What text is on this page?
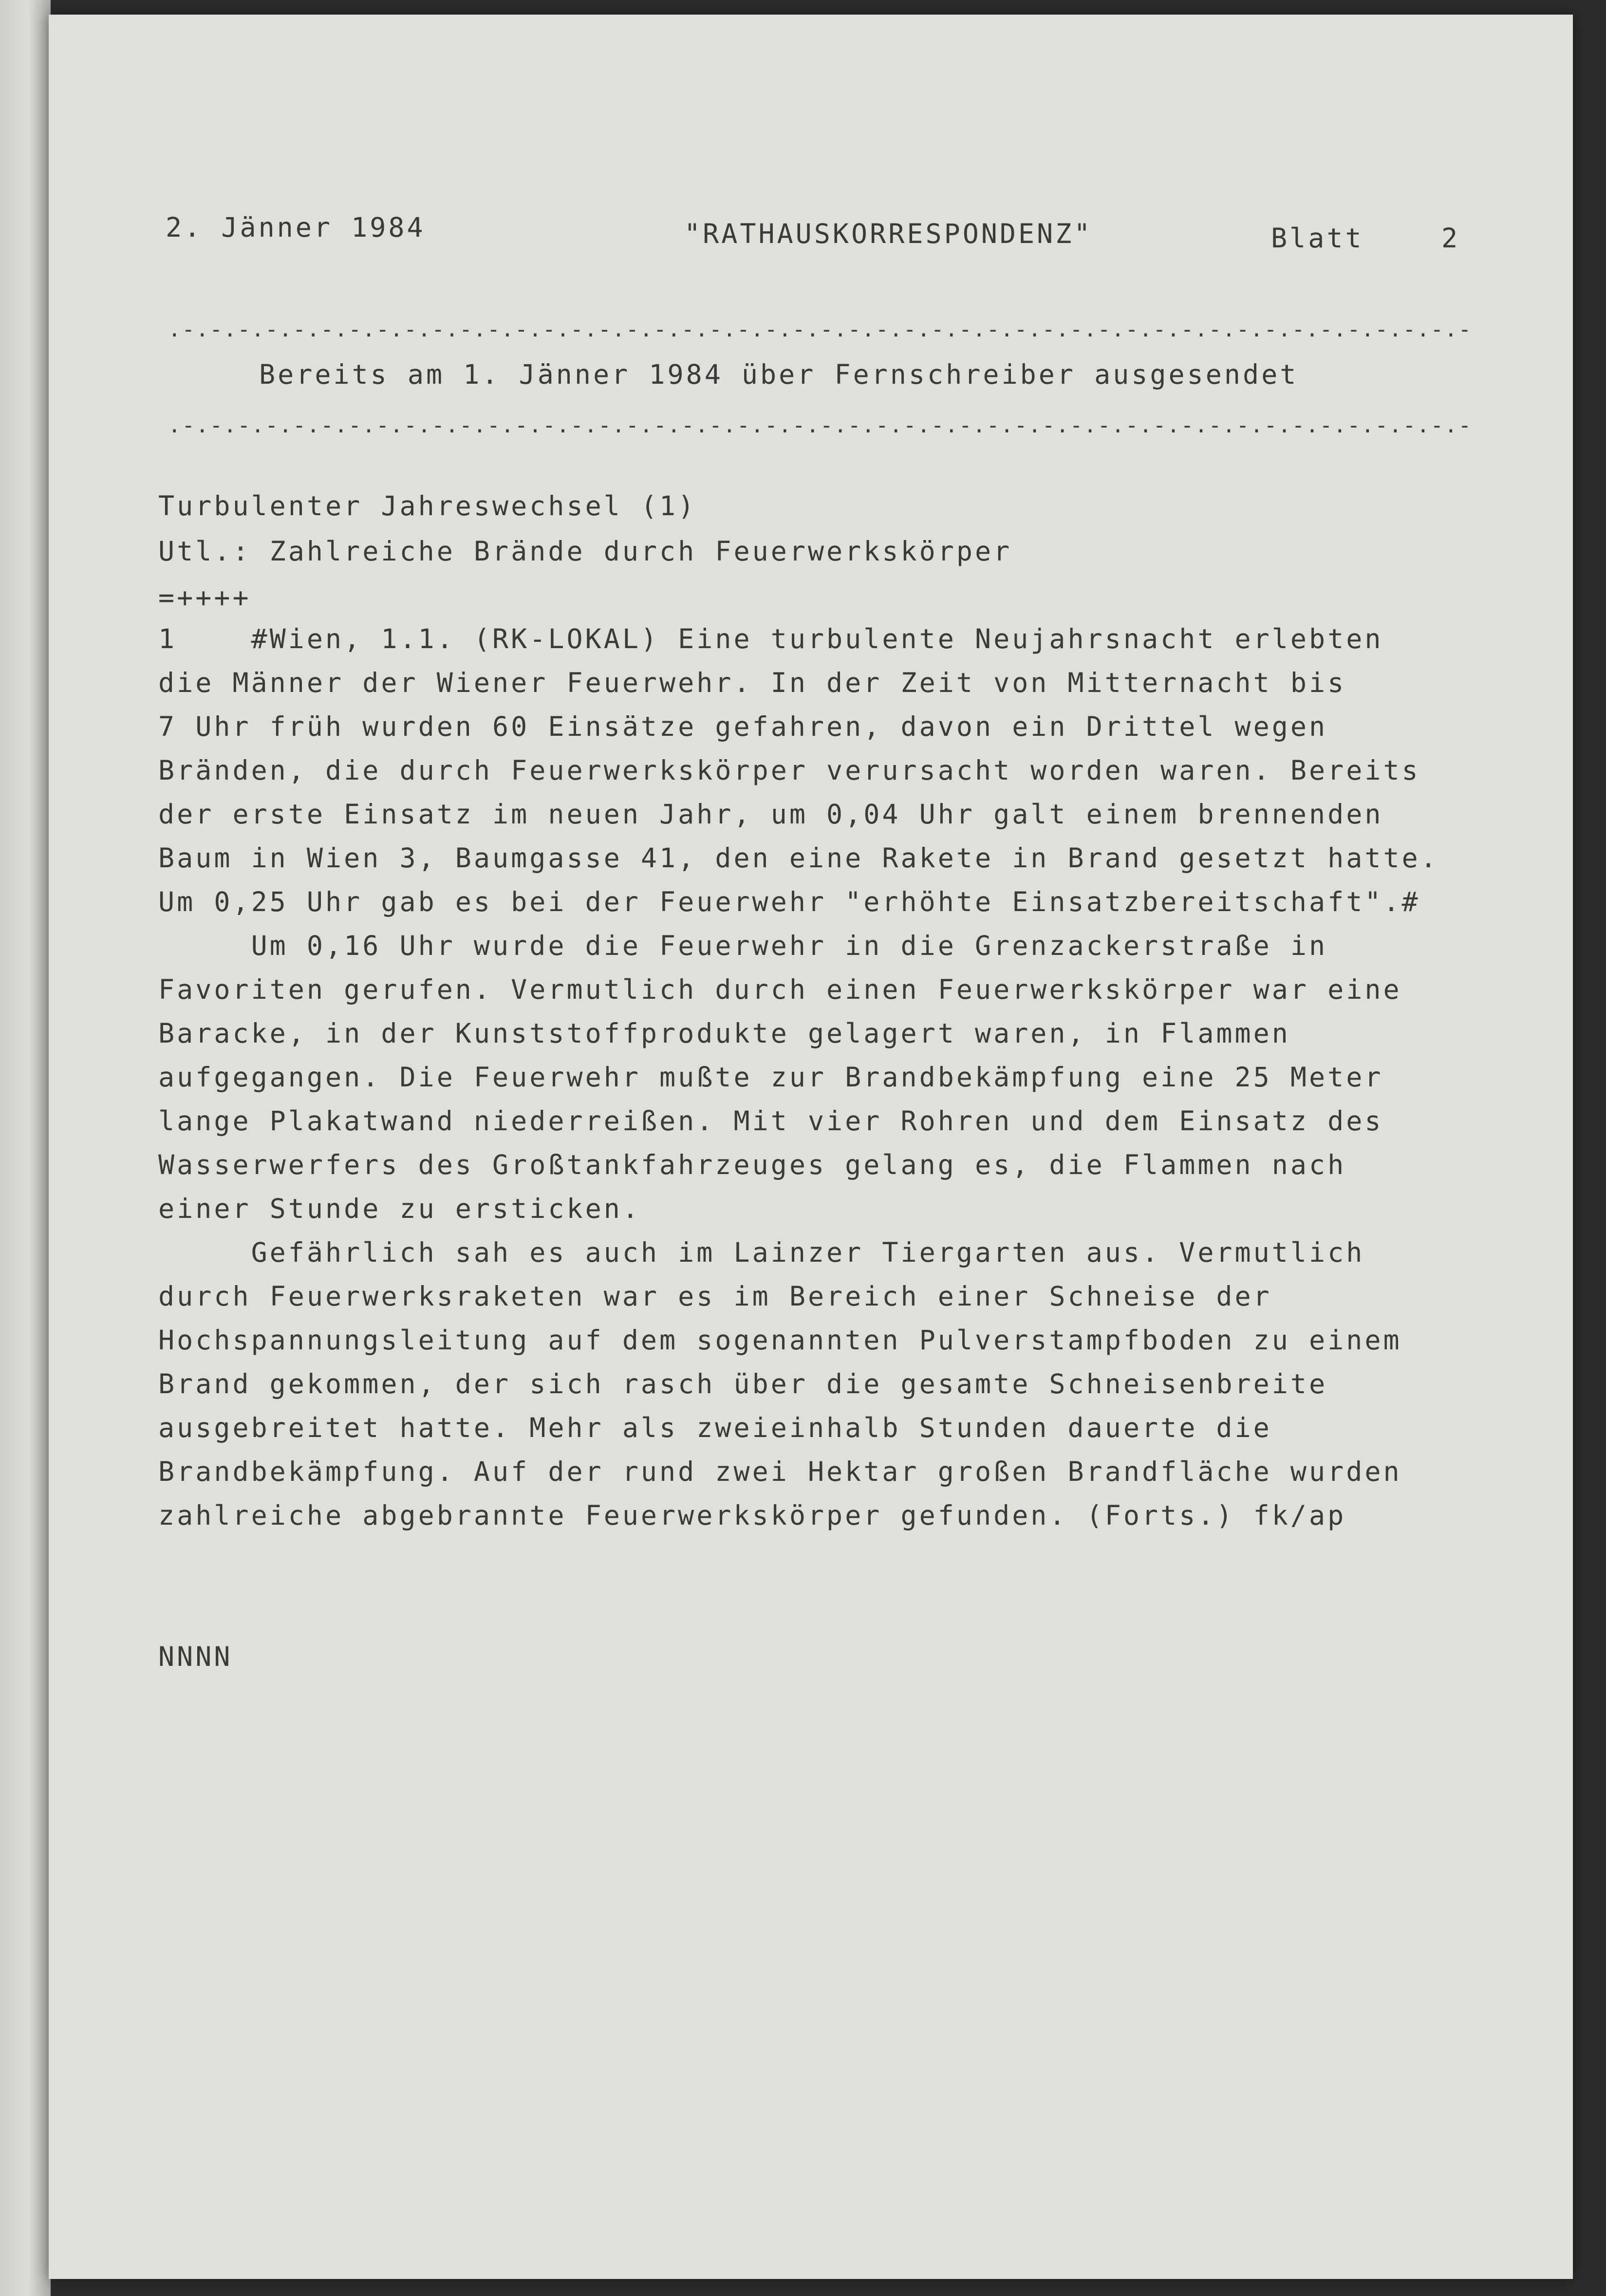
2. Jänner 1984	"RATHAUSKORRESPONDENZ"	Blatt	2
.-.-.-.-.-.-.-.-.-.-.-.-.-.-.-.-.-.-.-.-.-.-.-.-.-.-.-.-.-.-.-.-.-.-.-.-.-.-.-.-.-.-.-.-.-.-.-
Bereits am 1. Jänner 1984 über Fernschreiber ausgesendet
.-.-.-.-.-.-.-.-.-.-.-.-.-.-.-.-.-.-.-.-.-.-.-.-.-.-.-.-.-.-.-.-.-.-.-.-.-.-.-.-.-.-.-.-.-.-.-
Turbulenter Jahreswechsel (1)
Utl.: Zahlreiche Brände durch Feuerwerkskörper
=++++
1    #Wien, 1.1. (RK-LOKAL) Eine turbulente Neujahrsnacht erlebten
die Männer der Wiener Feuerwehr. In der Zeit von Mitternacht bis
7 Uhr früh wurden 60 Einsätze gefahren, davon ein Drittel wegen
Bränden, die durch Feuerwerkskörper verursacht worden waren. Bereits
der erste Einsatz im neuen Jahr, um 0,04 Uhr galt einem brennenden
Baum in Wien 3, Baumgasse 41, den eine Rakete in Brand gesetzt hatte.
Um 0,25 Uhr gab es bei der Feuerwehr "erhöhte Einsatzbereitschaft".#
Um 0,16 Uhr wurde die Feuerwehr in die Grenzackerstraße in
Favoriten gerufen. Vermutlich durch einen Feuerwerkskörper war eine
Baracke, in der Kunststoffprodukte gelagert waren, in Flammen
aufgegangen. Die Feuerwehr mußte zur Brandbekämpfung eine 25 Meter
lange Plakatwand niederreißen. Mit vier Rohren und dem Einsatz des
Wasserwerfers des Großtankfahrzeuges gelang es, die Flammen nach
einer Stunde zu ersticken.
Gefährlich sah es auch im Lainzer Tiergarten aus. Vermutlich
durch Feuerwerksraketen war es im Bereich einer Schneise der
Hochspannungsleitung auf dem sogenannten Pulverstampfboden zu einem
Brand gekommen, der sich rasch über die gesamte Schneisenbreite
ausgebreitet hatte. Mehr als zweieinhalb Stunden dauerte die
Brandbekämpfung. Auf der rund zwei Hektar großen Brandfläche wurden
zahlreiche abgebrannte Feuerwerkskörper gefunden. (Forts.) fk/ap
NNNN
